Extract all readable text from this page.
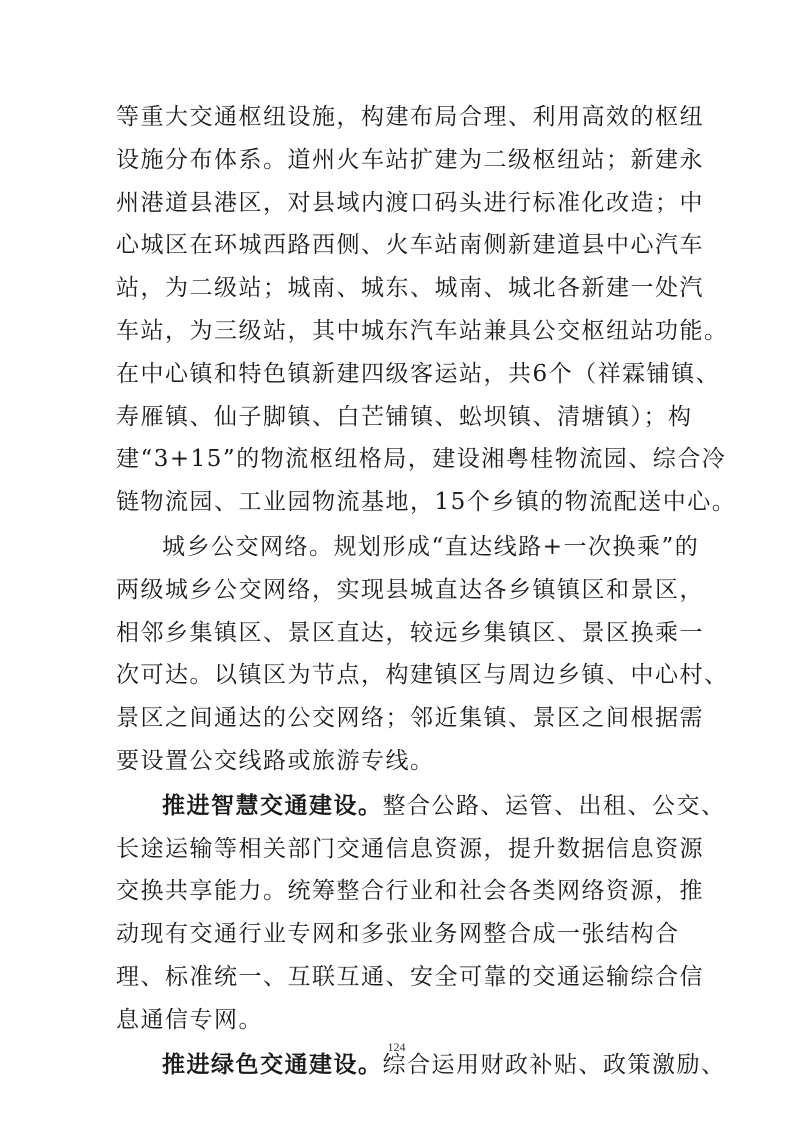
等重大交通枢纽设施，构建布局合理、利用高效的枢纽
设施分布体系。道州火车站扩建为二级枢纽站；新建永
州港道县港区，对县域内渡口码头进行标准化改造；中
心城区在环城西路西侧、火车站南侧新建道县中心汽车
站，为二级站；城南、城东、城南、城北各新建一处汽
车站，为三级站，其中城东汽车站兼具公交枢纽站功能。
在中心镇和特色镇新建四级客运站，共6个（祥霖铺镇、
寿雁镇、仙子脚镇、白芒铺镇、蚣坝镇、清塘镇）；构
建“3+15”的物流枢纽格局，建设湘粤桂物流园、综合冷
链物流园、工业园物流基地，15个乡镇的物流配送中心。

城乡公交网络。规划形成“直达线路+一次换乘”的
两级城乡公交网络，实现县城直达各乡镇镇区和景区，
相邻乡集镇区、景区直达，较远乡集镇区、景区换乘一
次可达。以镇区为节点，构建镇区与周边乡镇、中心村、
景区之间通达的公交网络；邻近集镇、景区之间根据需
要设置公交线路或旅游专线。

推进智慧交通建设。整合公路、运管、出租、公交、
长途运输等相关部门交通信息资源，提升数据信息资源
交换共享能力。统筹整合行业和社会各类网络资源，推
动现有交通行业专网和多张业务网整合成一张结构合
理、标准统一、互联互通、安全可靠的交通运输综合信
息通信专网。

推进绿色交通建设。综合运用财政补贴、政策激励、

124
